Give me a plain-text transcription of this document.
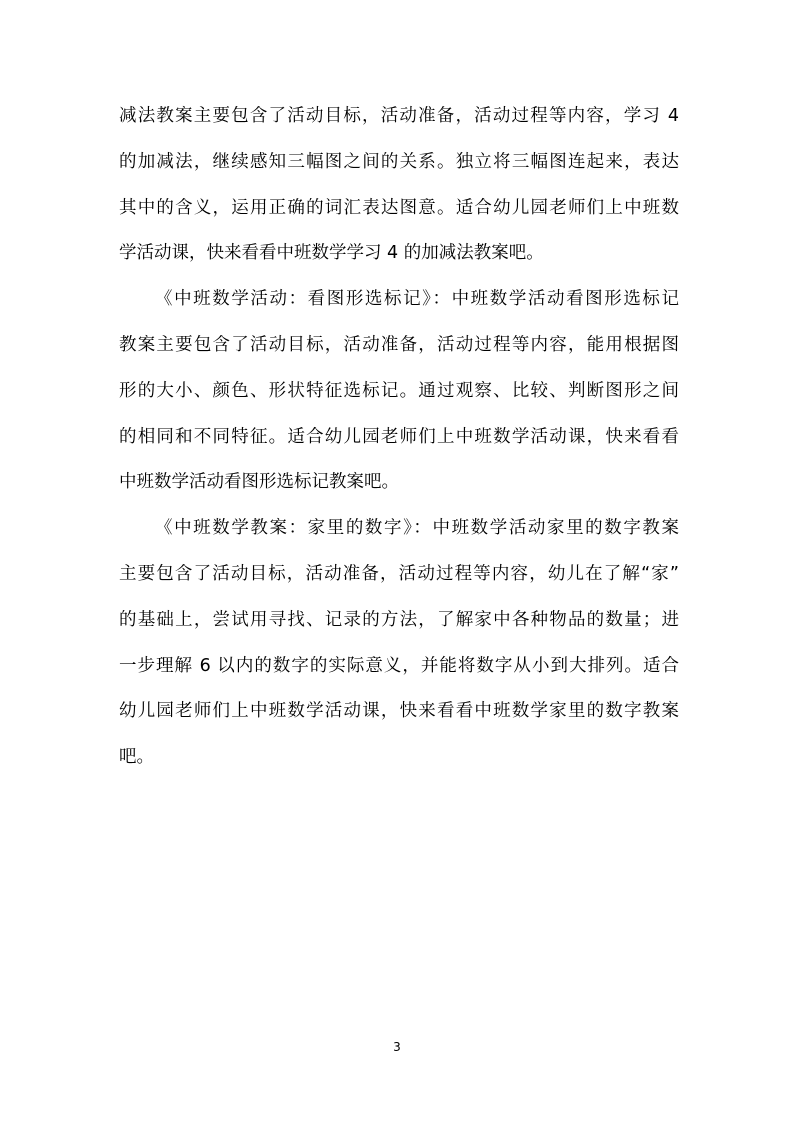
减法教案主要包含了活动目标，活动准备，活动过程等内容，学习 4
的加减法，继续感知三幅图之间的关系。独立将三幅图连起来，表达
其中的含义，运用正确的词汇表达图意。适合幼儿园老师们上中班数
学活动课，快来看看中班数学学习 4 的加减法教案吧。
《中班数学活动：看图形选标记》：中班数学活动看图形选标记
教案主要包含了活动目标，活动准备，活动过程等内容，能用根据图
形的大小、颜色、形状特征选标记。通过观察、比较、判断图形之间
的相同和不同特征。适合幼儿园老师们上中班数学活动课，快来看看
中班数学活动看图形选标记教案吧。
《中班数学教案：家里的数字》：中班数学活动家里的数字教案
主要包含了活动目标，活动准备，活动过程等内容，幼儿在了解“家”
的基础上，尝试用寻找、记录的方法，了解家中各种物品的数量；进
一步理解 6 以内的数字的实际意义，并能将数字从小到大排列。适合
幼儿园老师们上中班数学活动课，快来看看中班数学家里的数字教案
吧。
3
